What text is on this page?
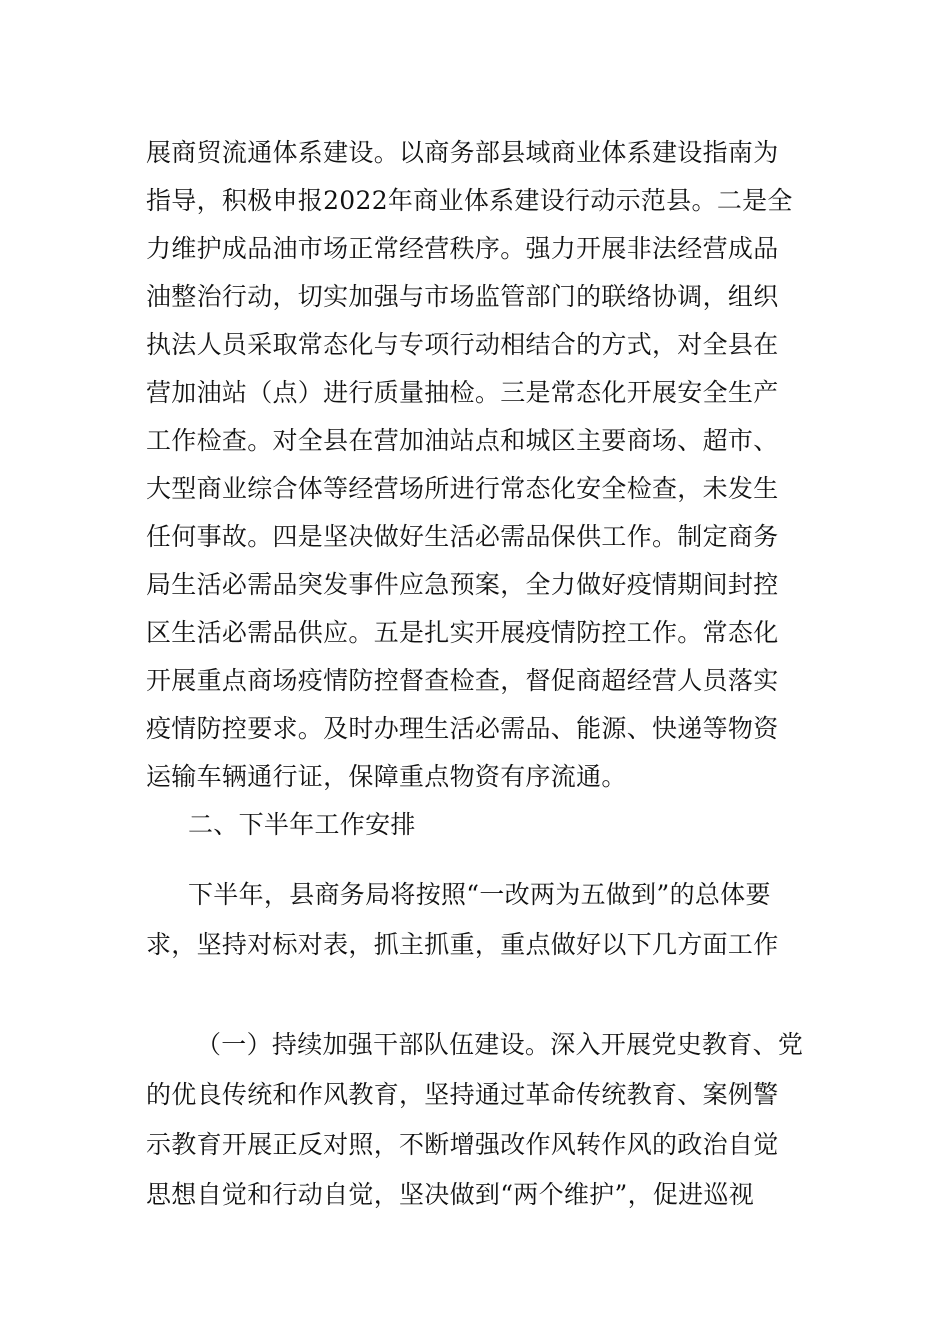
展商贸流通体系建设。以商务部县域商业体系建设指南为
指导，积极申报2022年商业体系建设行动示范县。二是全
力维护成品油市场正常经营秩序。强力开展非法经营成品
油整治行动，切实加强与市场监管部门的联络协调，组织
执法人员采取常态化与专项行动相结合的方式，对全县在
营加油站（点）进行质量抽检。三是常态化开展安全生产
工作检查。对全县在营加油站点和城区主要商场、超市、
大型商业综合体等经营场所进行常态化安全检查，未发生
任何事故。四是坚决做好生活必需品保供工作。制定商务
局生活必需品突发事件应急预案，全力做好疫情期间封控
区生活必需品供应。五是扎实开展疫情防控工作。常态化
开展重点商场疫情防控督查检查，督促商超经营人员落实
疫情防控要求。及时办理生活必需品、能源、快递等物资
运输车辆通行证，保障重点物资有序流通。
二、下半年工作安排
下半年，县商务局将按照“一改两为五做到”的总体要
求，坚持对标对表，抓主抓重，重点做好以下几方面工作
（一）持续加强干部队伍建设。深入开展党史教育、党
的优良传统和作风教育，坚持通过革命传统教育、案例警
示教育开展正反对照，不断增强改作风转作风的政治自觉
思想自觉和行动自觉，坚决做到“两个维护”，促进巡视
